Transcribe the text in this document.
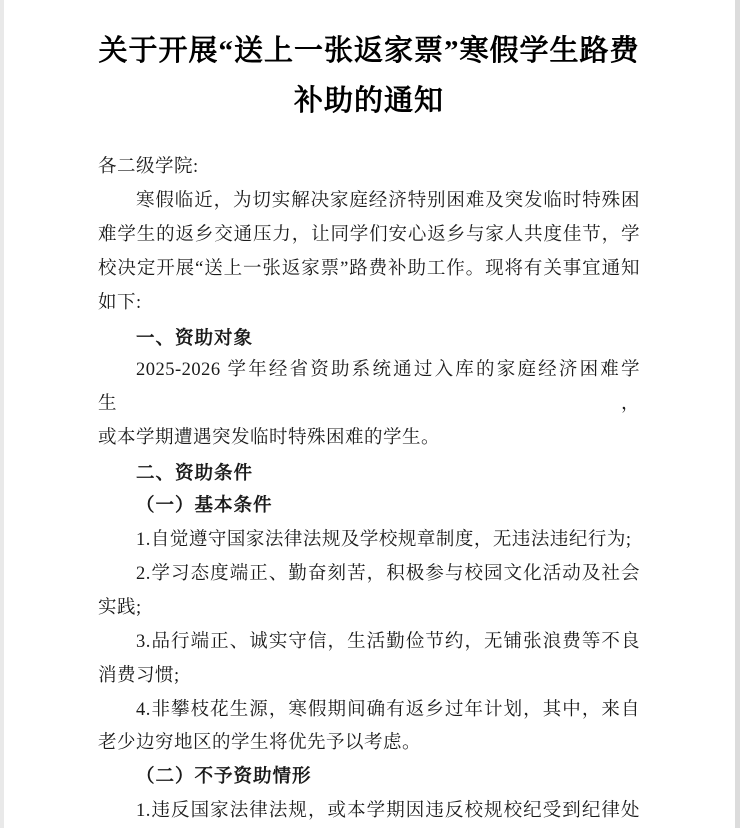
关于开展“送上一张返家票”寒假学生路费
补助的通知
各二级学院:
寒假临近，为切实解决家庭经济特别困难及突发临时特殊困
难学生的返乡交通压力，让同学们安心返乡与家人共度佳节，学
校决定开展“送上一张返家票”路费补助工作。现将有关事宜通知
如下:
一、资助对象
2025-2026 学年经省资助系统通过入库的家庭经济困难学生，
或本学期遭遇突发临时特殊困难的学生。
二、资助条件
（一）基本条件
1.自觉遵守国家法律法规及学校规章制度，无违法违纪行为;
2.学习态度端正、勤奋刻苦，积极参与校园文化活动及社会
实践;
3.品行端正、诚实守信，生活勤俭节约，无铺张浪费等不良
消费习惯;
4.非攀枝花生源，寒假期间确有返乡过年计划，其中，来自
老少边穷地区的学生将优先予以考虑。
（二）不予资助情形
1.违反国家法律法规，或本学期因违反校规校纪受到纪律处
